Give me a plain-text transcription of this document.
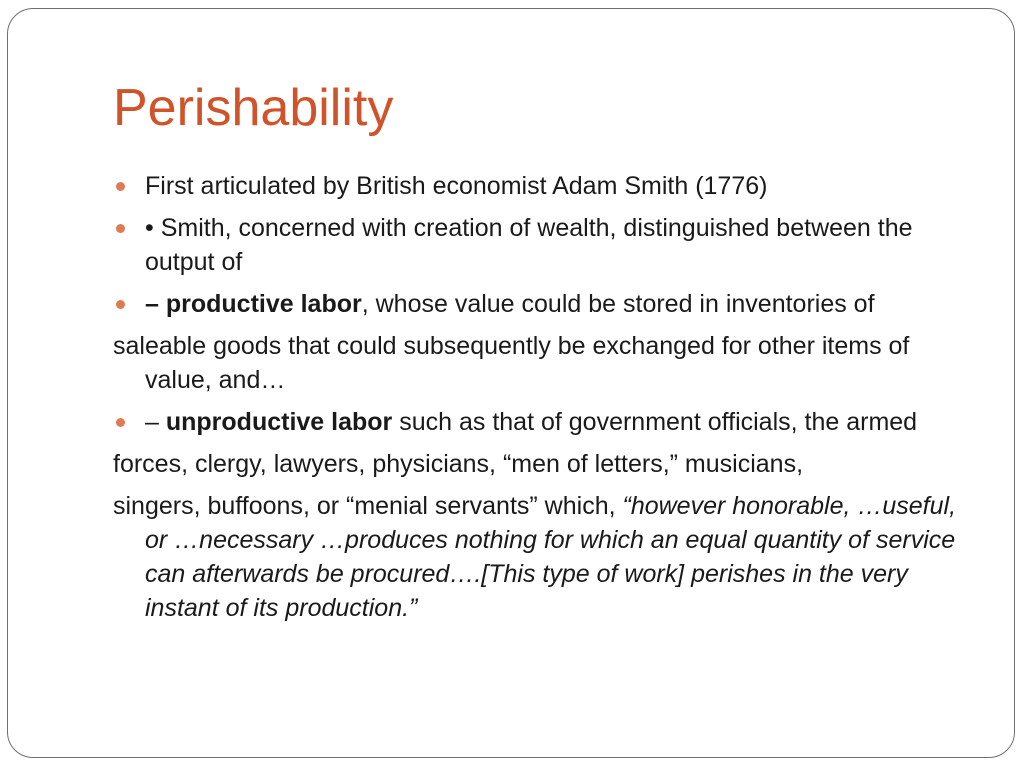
Perishability
First articulated by British economist Adam Smith (1776)
• Smith, concerned with creation of wealth, distinguished between the output of
– productive labor, whose value could be stored in inventories of
saleable goods that could subsequently be exchanged for other items of value, and…
– unproductive labor such as that of government officials, the armed
forces, clergy, lawyers, physicians, “men of letters,” musicians,
singers, buffoons, or “menial servants” which, “however honorable, …useful, or …necessary …produces nothing for which an equal quantity of service can afterwards be procured….[This type of work] perishes in the very instant of its production.”
